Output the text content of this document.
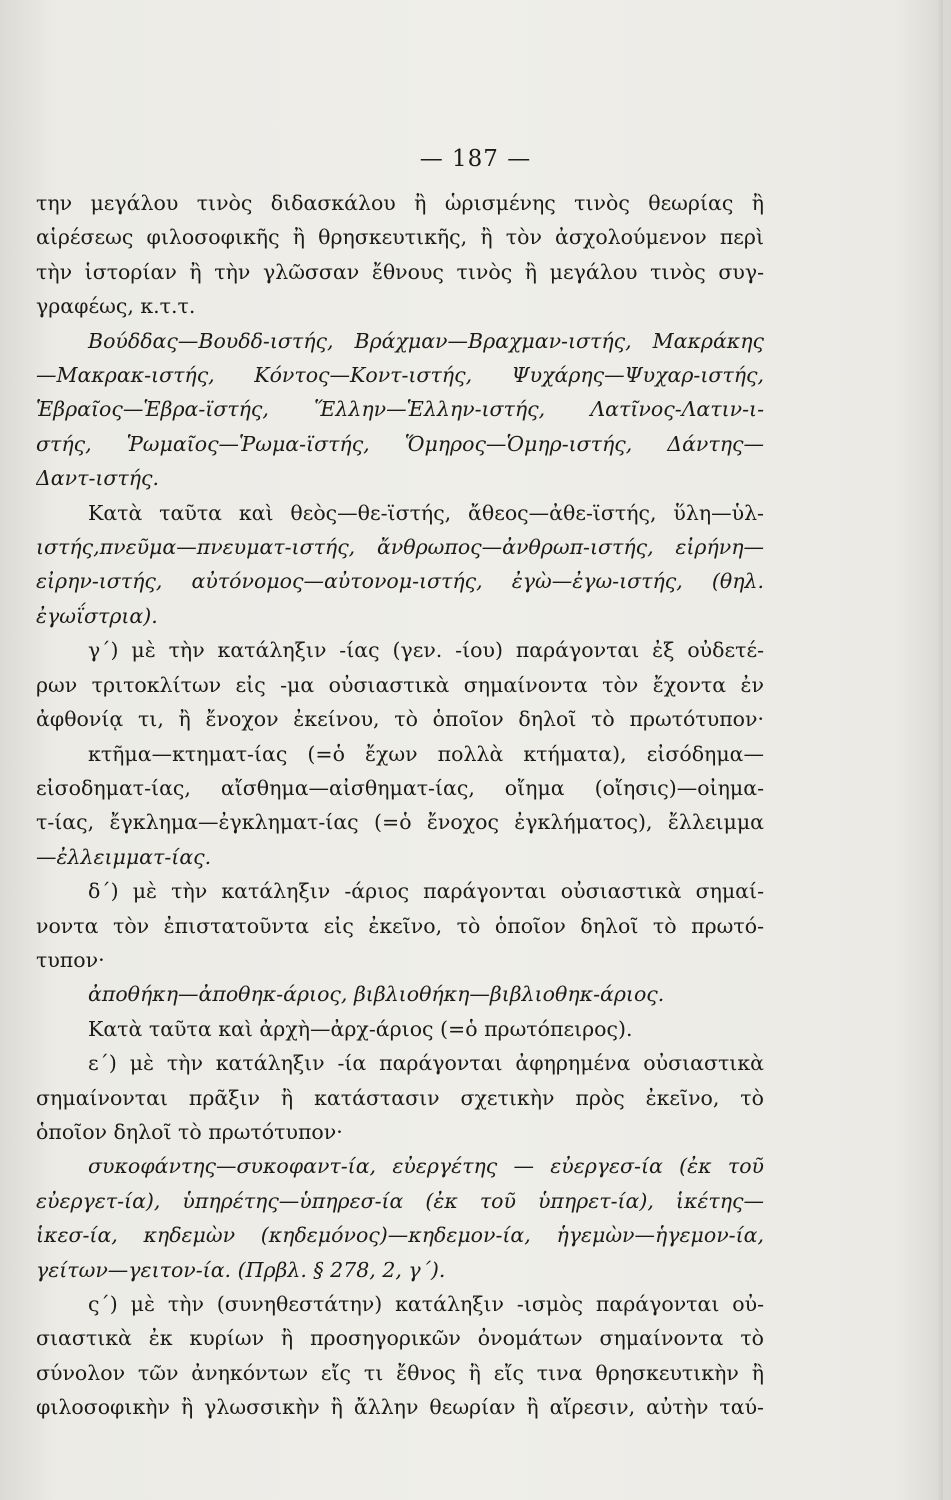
— 187 —
την μεγάλου τινὸς διδασκάλου ἢ ὡρισμένης τινὸς θεωρίας ἢ
αἱρέσεως φιλοσοφικῆς ἢ θρησκευτικῆς, ἢ τὸν ἀσχολούμενον περὶ
τὴν ἱστορίαν ἢ τὴν γλῶσσαν ἔθνους τινὸς ἢ μεγάλου τινὸς συγ-
γραφέως, κ.τ.τ.
Βούδδας—Βουδδ-ιστής, Βράχμαν—Βραχμαν-ιστής, Μακράκης
—Μακρακ-ιστής, Κόντος—Κοντ-ιστής, Ψυχάρης—Ψυχαρ-ιστής,
Ἑβραῖος—Ἑβρα-ϊστής, Ἕλλην—Ἑλλην-ιστής, Λατῖνος-Λατιν-ι-
στής, Ῥωμαῖος—Ῥωμα-ϊστής, Ὅμηρος—Ὁμηρ-ιστής, Δάντης—
Δαντ-ιστής.
Κατὰ ταῦτα καὶ θεὸς—θε-ϊστής, ἄθεος—ἀθε-ϊστής, ὕλη—ὑλ-
ιστής,πνεῦμα—πνευματ-ιστής, ἄνθρωπος—ἀνθρωπ-ιστής, εἰρήνη—
εἰρην-ιστής, αὐτόνομος—αὐτονομ-ιστής, ἐγὼ—ἐγω-ιστής, (θηλ.
ἐγωΐστρια).
γ´) μὲ τὴν κατάληξιν -ίας (γεν. -ίου) παράγονται ἐξ οὐδετέ-
ρων τριτοκλίτων εἰς -μα οὐσιαστικὰ σημαίνοντα τὸν ἔχοντα ἐν
ἀφθονίᾳ τι, ἢ ἔνοχον ἐκείνου, τὸ ὁποῖον δηλοῖ τὸ πρωτότυπον·
κτῆμα—κτηματ-ίας (=ὁ ἔχων πολλὰ κτήματα), εἰσόδημα—
εἰσοδηματ-ίας, αἴσθημα—αἰσθηματ-ίας, οἴημα (οἴησις)—οἰημα-
τ-ίας, ἔγκλημα—ἐγκληματ-ίας (=ὁ ἔνοχος ἐγκλήματος), ἔλλειμμα
—ἐλλειμματ-ίας.
δ´) μὲ τὴν κατάληξιν -άριος παράγονται οὐσιαστικὰ σημαί-
νοντα τὸν ἐπιστατοῦντα εἰς ἐκεῖνο, τὸ ὁποῖον δηλοῖ τὸ πρωτό-
τυπον·
ἀποθήκη—ἀποθηκ-άριος, βιβλιοθήκη—βιβλιοθηκ-άριος.
Κατὰ ταῦτα καὶ ἀρχὴ—ἀρχ-άριος (=ὁ πρωτόπειρος).
ε´) μὲ τὴν κατάληξιν -ία παράγονται ἀφηρημένα οὐσιαστικὰ
σημαίνονται πρᾶξιν ἢ κατάστασιν σχετικὴν πρὸς ἐκεῖνο, τὸ
ὁποῖον δηλοῖ τὸ πρωτότυπον·
συκοφάντης—συκοφαντ-ία, εὐεργέτης — εὐεργεσ-ία (ἐκ τοῦ
εὐεργετ-ία), ὑπηρέτης—ὑπηρεσ-ία (ἐκ τοῦ ὑπηρετ-ία), ἱκέτης—
ἱκεσ-ία, κηδεμὼν (κηδεμόνος)—κηδεμον-ία, ἡγεμὼν—ἡγεμον-ία,
γείτων—γειτον-ία. (Πρβλ. § 278, 2, γ´).
ς´) μὲ τὴν (συνηθεστάτην) κατάληξιν -ισμὸς παράγονται οὐ-
σιαστικὰ ἐκ κυρίων ἢ προσηγορικῶν ὀνομάτων σημαίνοντα τὸ
σύνολον τῶν ἀνηκόντων εἴς τι ἔθνος ἢ εἴς τινα θρησκευτικὴν ἢ
φιλοσοφικὴν ἢ γλωσσικὴν ἢ ἄλλην θεωρίαν ἢ αἵρεσιν, αὐτὴν ταύ-
